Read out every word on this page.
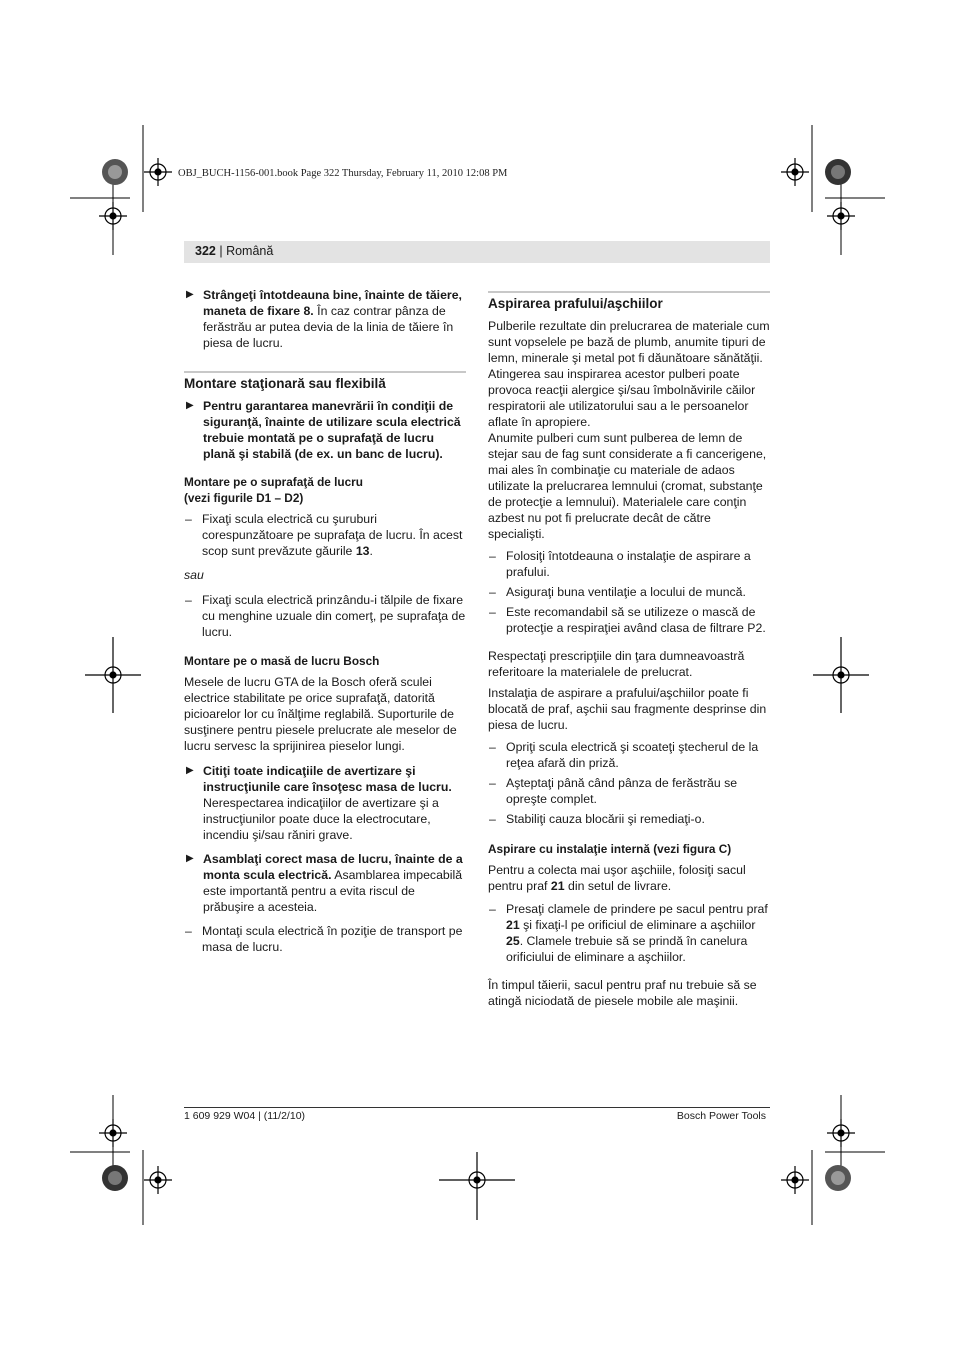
OBJ_BUCH-1156-001.book Page 322 Thursday, February 11, 2010 12:08 PM
322 | Română
▶ Strângeţi întotdeauna bine, înainte de tăiere, maneta de fixare 8. În caz contrar pânza de ferăstrău ar putea devia de la linia de tăiere în piesa de lucru.
Montare staţionară sau flexibilă
▶ Pentru garantarea manevrării în condiţii de siguranţă, înainte de utilizare scula electrică trebuie montată pe o suprafaţă de lucru plană şi stabilă (de ex. un banc de lucru).
Montare pe o suprafaţă de lucru
(vezi figurile D1 – D2)
– Fixaţi scula electrică cu şuruburi corespunzătoare pe suprafaţa de lucru. În acest scop sunt prevăzute găurile 13.
sau
– Fixaţi scula electrică prinzându-i tălpile de fixare cu menghine uzuale din comerţ, pe suprafaţa de lucru.
Montare pe o masă de lucru Bosch
Mesele de lucru GTA de la Bosch oferă sculei electrice stabilitate pe orice suprafaţă, datorită picioarelor lor cu înălţime reglabilă. Suporturile de susţinere pentru piesele prelucrate ale meselor de lucru servesc la sprijinirea pieselor lungi.
▶ Citiţi toate indicaţiile de avertizare şi instrucţiunile care însoţesc masa de lucru. Nerespectarea indicaţiilor de avertizare şi a instrucţiunilor poate duce la electrocutare, incendiu şi/sau răniri grave.
▶ Asamblaţi corect masa de lucru, înainte de a monta scula electrică. Asamblarea impecabilă este importantă pentru a evita riscul de prăbuşire a acesteia.
– Montaţi scula electrică în poziţie de transport pe masa de lucru.
Aspirarea prafului/aşchiilor
Pulberile rezultate din prelucrarea de materiale cum sunt vopselele pe bază de plumb, anumite tipuri de lemn, minerale şi metal pot fi dăunătoare sănătăţii. Atingerea sau inspirarea acestor pulberi poate provoca reacţii alergice şi/sau îmbolnăvirile căilor respiratorii ale utilizatorului sau a le persoanelor aflate în apropiere.
Anumite pulberi cum sunt pulberea de lemn de stejar sau de fag sunt considerate a fi cancerigene, mai ales în combinaţie cu materiale de adaos utilizate la prelucrarea lemnului (cromat, substanţe de protecţie a lemnului). Materialele care conţin azbest nu pot fi prelucrate decât de către specialişti.
– Folosiţi întotdeauna o instalaţie de aspirare a prafului.
– Asiguraţi buna ventilaţie a locului de muncă.
– Este recomandabil să se utilizeze o mască de protecţie a respiraţiei având clasa de filtrare P2.
Respectaţi prescripţiile din ţara dumneavoastră referitoare la materialele de prelucrat.
Instalaţia de aspirare a prafului/aşchiilor poate fi blocată de praf, aşchii sau fragmente desprinse din piesa de lucru.
– Opriţi scula electrică şi scoateţi ştecherul de la reţea afară din priză.
– Aşteptaţi până când pânza de ferăstrău se opreşte complet.
– Stabiliţi cauza blocării şi remediaţi-o.
Aspirare cu instalaţie internă (vezi figura C)
Pentru a colecta mai uşor aşchiile, folosiţi sacul pentru praf 21 din setul de livrare.
– Presaţi clamele de prindere pe sacul pentru praf 21 şi fixaţi-l pe orificiul de eliminare a aşchiilor 25. Clamele trebuie să se prindă în canelura orificiului de eliminare a aşchiilor.
În timpul tăierii, sacul pentru praf nu trebuie să se atingă niciodată de piesele mobile ale maşinii.
1 609 929 W04 | (11/2/10)	Bosch Power Tools
